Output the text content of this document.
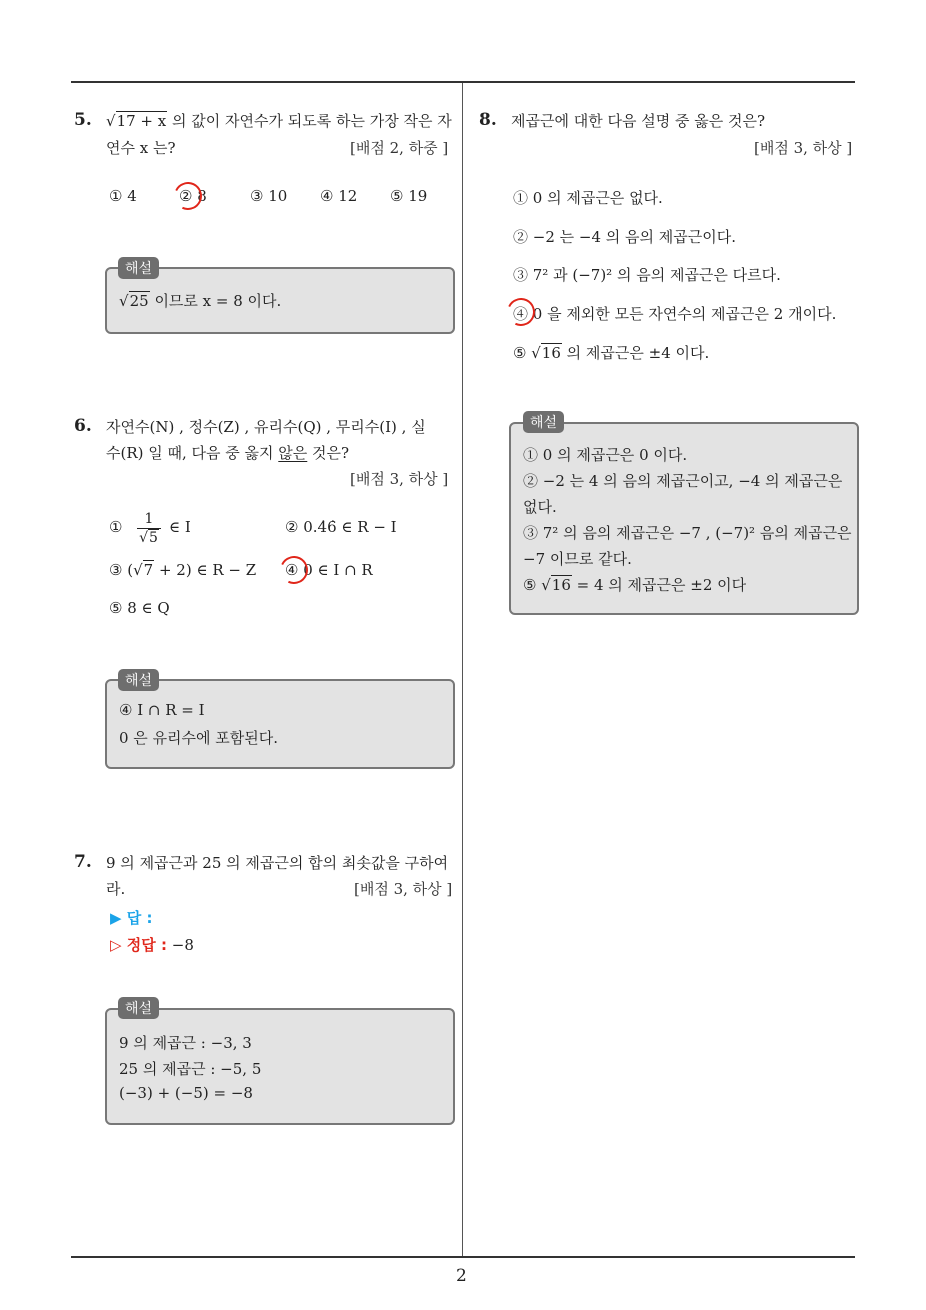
2
5. √17 + x 의 값이 자연수가 되도록 하는 가장 작은 자
연수 x 는?	[배점 2, 하중 ]
① 4	② 8	③ 10 ④ 12 ⑤ 19
√25 이므로 x = 8 이다.
해설
6. 자연수(N) , 정수(Z) , 유리수(Q) , 무리수(I) , 실
수(R) 일 때, 다음 중 옳지 않은 것은?
[배점 3, 하상 ]
① $\frac{1}{√5}$ ∈ I	② 0.4̇6̇ ∈ R − I
③ (√7 + 2) ∈ R − Z ④ 0 ∈ I ∩ R
⑤ 8 ∈ Q
④ I ∩ R = I
0 은 유리수에 포함된다.
해설
7. 9 의 제곱근과 25 의 제곱근의 합의 최솟값을 구하여
라.	[배점 3, 하상 ]
▶ 답 :
▷ 정답 : −8
9 의 제곱근 : −3, 3
25 의 제곱근 : −5, 5
(−3) + (−5) = −8
해설
8. 제곱근에 대한 다음 설명 중 옳은 것은?
[배점 3, 하상 ]
① 0 의 제곱근은 없다.
② −2 는 −4 의 음의 제곱근이다.
③ 7² 과 (−7)² 의 음의 제곱근은 다르다.
④ 0 을 제외한 모든 자연수의 제곱근은 2 개이다.
⑤ √16 의 제곱근은 ±4 이다.
① 0 의 제곱근은 0 이다.
② −2 는 4 의 음의 제곱근이고, −4 의 제곱근은
없다.
③ 7² 의 음의 제곱근은 −7 , (−7)² 음의 제곱근은
−7 이므로 같다.
⑤ √16 = 4 의 제곱근은 ±2 이다
해설
